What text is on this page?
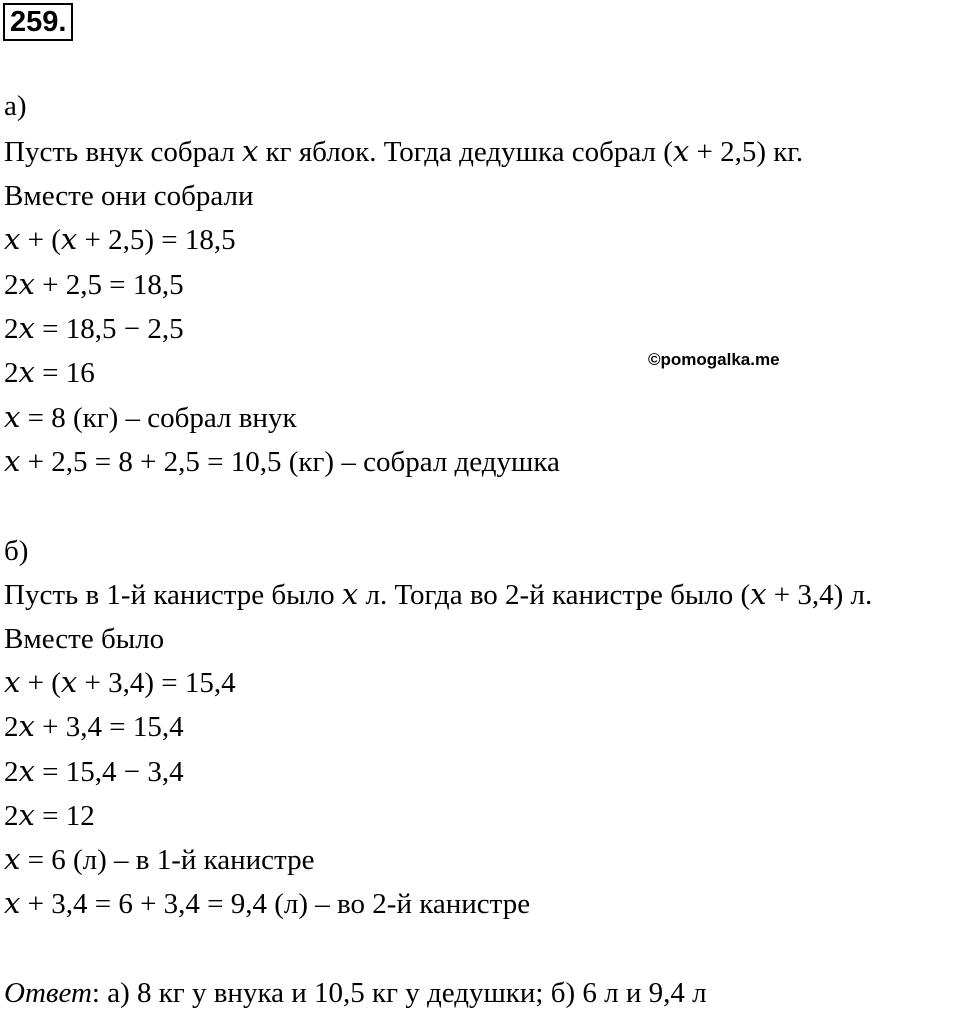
259.
©pomogalka.me
а)
Пусть внук собрал 𝑥 кг яблок. Тогда дедушка собрал (𝑥 + 2,5) кг.
Вместе они собрали
𝑥 + (𝑥 + 2,5) = 18,5
2𝑥 + 2,5 = 18,5
2𝑥 = 18,5 − 2,5
2𝑥 = 16
𝑥 = 8 (кг) – собрал внук
𝑥 + 2,5 = 8 + 2,5 = 10,5 (кг) – собрал дедушка
б)
Пусть в 1-й канистре было 𝑥 л. Тогда во 2-й канистре было (𝑥 + 3,4) л.
Вместе было
𝑥 + (𝑥 + 3,4) = 15,4
2𝑥 + 3,4 = 15,4
2𝑥 = 15,4 − 3,4
2𝑥 = 12
𝑥 = 6 (л) – в 1-й канистре
𝑥 + 3,4 = 6 + 3,4 = 9,4 (л) – во 2-й канистре
Ответ: а) 8 кг у внука и 10,5 кг у дедушки; б) 6 л и 9,4 л
